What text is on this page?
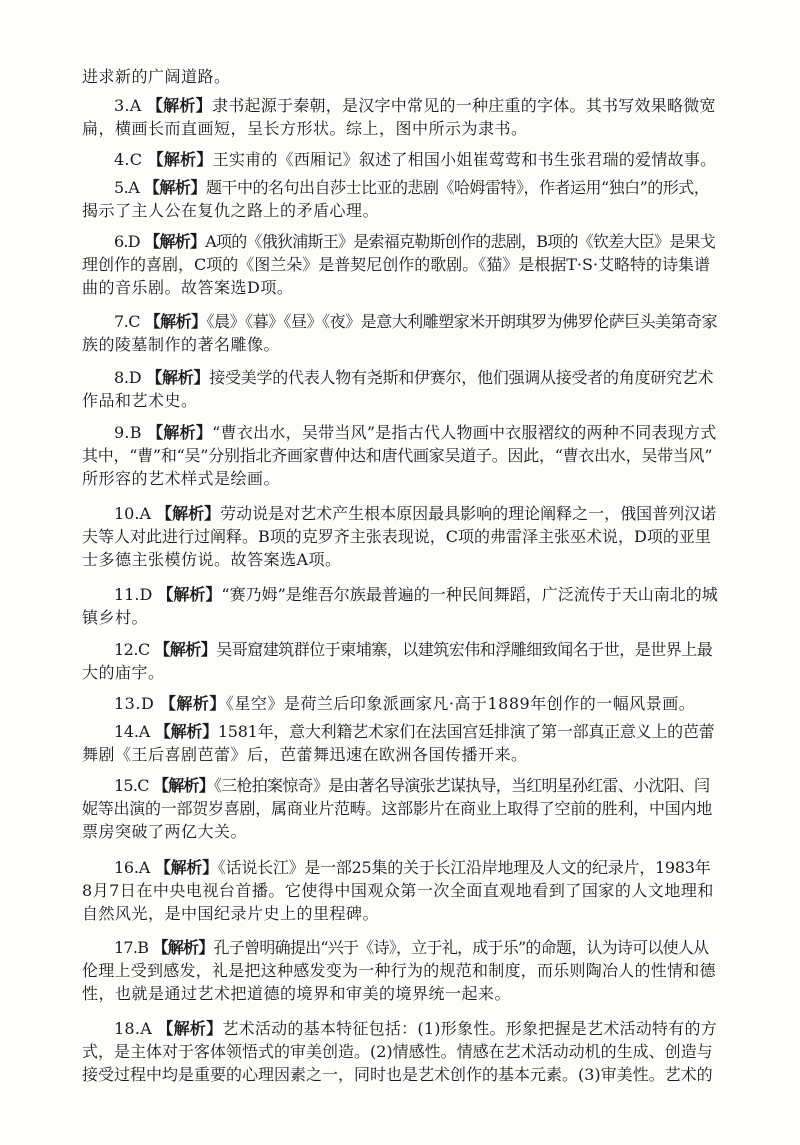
进求新的广阔道路。
3.A 【解析】隶书起源于秦朝，是汉字中常见的一种庄重的字体。其书写效果略微宽
扁，横画长而直画短，呈长方形状。综上，图中所示为隶书。
4.C 【解析】王实甫的《西厢记》叙述了相国小姐崔莺莺和书生张君瑞的爱情故事。
5.A 【解析】题干中的名句出自莎士比亚的悲剧《哈姆雷特》，作者运用“独白”的形式，
揭示了主人公在复仇之路上的矛盾心理。
6.D 【解析】A项的《俄狄浦斯王》是索福克勒斯创作的悲剧，B项的《钦差大臣》是果戈
理创作的喜剧，C项的《图兰朵》是普契尼创作的歌剧。《猫》是根据T·S·艾略特的诗集谱
曲的音乐剧。故答案选D项。
7.C 【解析】《晨》《暮》《昼》《夜》是意大利雕塑家米开朗琪罗为佛罗伦萨巨头美第奇家
族的陵墓制作的著名雕像。
8.D 【解析】接受美学的代表人物有尧斯和伊赛尔，他们强调从接受者的角度研究艺术
作品和艺术史。
9.B 【解析】“曹衣出水，吴带当风”是指古代人物画中衣服褶纹的两种不同表现方式
其中，“曹”和“吴”分别指北齐画家曹仲达和唐代画家吴道子。因此，“曹衣出水，吴带当风”
所形容的艺术样式是绘画。
10.A 【解析】劳动说是对艺术产生根本原因最具影响的理论阐释之一，俄国普列汉诺
夫等人对此进行过阐释。B项的克罗齐主张表现说，C项的弗雷泽主张巫术说，D项的亚里
士多德主张模仿说。故答案选A项。
11.D 【解析】“赛乃姆”是维吾尔族最普遍的一种民间舞蹈，广泛流传于天山南北的城
镇乡村。
12.C 【解析】吴哥窟建筑群位于柬埔寨，以建筑宏伟和浮雕细致闻名于世，是世界上最
大的庙宇。
13.D 【解析】《星空》是荷兰后印象派画家凡·高于1889年创作的一幅风景画。
14.A 【解析】1581年，意大利籍艺术家们在法国宫廷排演了第一部真正意义上的芭蕾
舞剧《王后喜剧芭蕾》后，芭蕾舞迅速在欧洲各国传播开来。
15.C 【解析】《三枪拍案惊奇》是由著名导演张艺谋执导，当红明星孙红雷、小沈阳、闫
妮等出演的一部贺岁喜剧，属商业片范畴。这部影片在商业上取得了空前的胜利，中国内地
票房突破了两亿大关。
16.A 【解析】《话说长江》是一部25集的关于长江沿岸地理及人文的纪录片，1983年
8月7日在中央电视台首播。它使得中国观众第一次全面直观地看到了国家的人文地理和
自然风光，是中国纪录片史上的里程碑。
17.B 【解析】孔子曾明确提出“兴于《诗》，立于礼，成于乐”的命题，认为诗可以使人从
伦理上受到感发，礼是把这种感发变为一种行为的规范和制度，而乐则陶冶人的性情和德
性，也就是通过艺术把道德的境界和审美的境界统一起来。
18.A 【解析】艺术活动的基本特征包括：(1)形象性。形象把握是艺术活动特有的方
式，是主体对于客体领悟式的审美创造。(2)情感性。情感在艺术活动动机的生成、创造与
接受过程中均是重要的心理因素之一，同时也是艺术创作的基本元素。(3)审美性。艺术的
